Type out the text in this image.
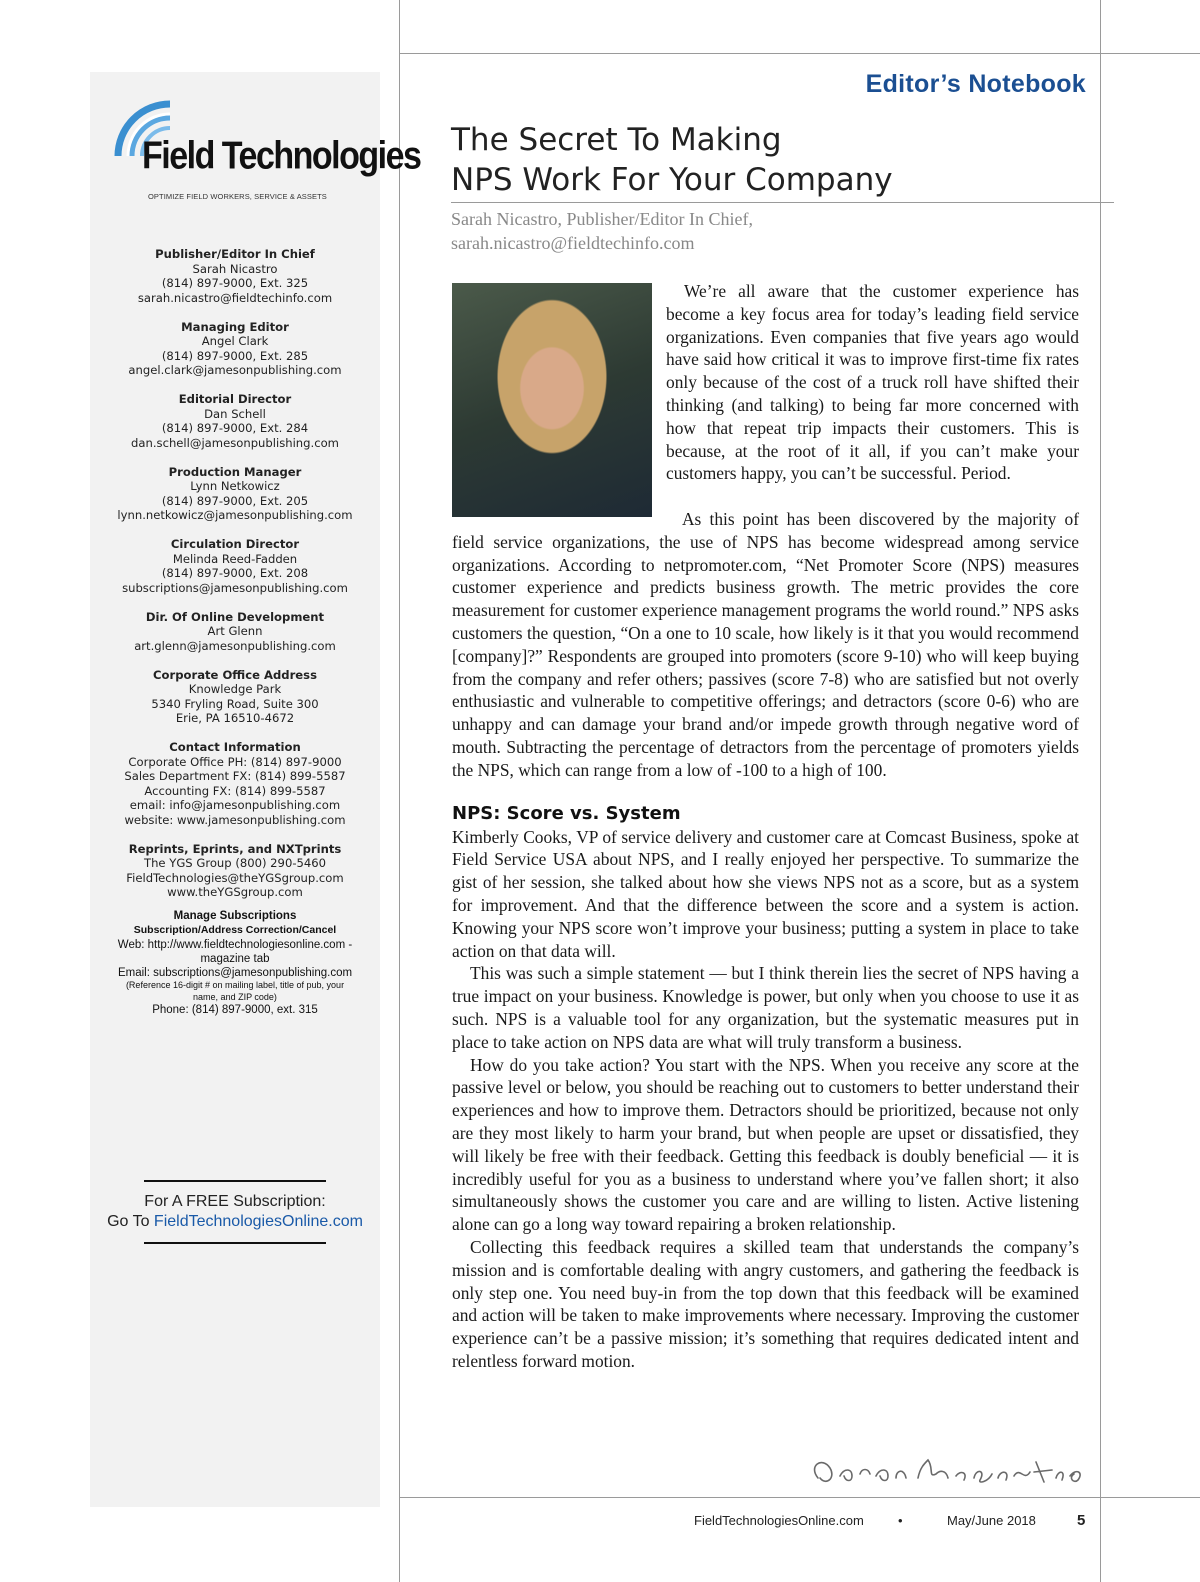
Field Technologies
OPTIMIZE FIELD WORKERS, SERVICE & ASSETS
Publisher/Editor In Chief
Sarah Nicastro
(814) 897-9000, Ext. 325
sarah.nicastro@fieldtechinfo.com
Managing Editor
Angel Clark
(814) 897-9000, Ext. 285
angel.clark@jamesonpublishing.com
Editorial Director
Dan Schell
(814) 897-9000, Ext. 284
dan.schell@jamesonpublishing.com
Production Manager
Lynn Netkowicz
(814) 897-9000, Ext. 205
lynn.netkowicz@jamesonpublishing.com
Circulation Director
Melinda Reed-Fadden
(814) 897-9000, Ext. 208
subscriptions@jamesonpublishing.com
Dir. Of Online Development
Art Glenn
art.glenn@jamesonpublishing.com
Corporate Office Address
Knowledge Park
5340 Fryling Road, Suite 300
Erie, PA 16510-4672
Contact Information
Corporate Office PH: (814) 897-9000
Sales Department FX: (814) 899-5587
Accounting FX: (814) 899-5587
email: info@jamesonpublishing.com
website: www.jamesonpublishing.com
Reprints, Eprints, and NXTprints
The YGS Group (800) 290-5460
FieldTechnologies@theYGSgroup.com
www.theYGSgroup.com
Manage Subscriptions
Subscription/Address Correction/Cancel
Web: http://www.fieldtechnologiesonline.com -
magazine tab
Email: subscriptions@jamesonpublishing.com
(Reference 16-digit # on mailing label, title of pub, your
name, and ZIP code)
Phone: (814) 897-9000, ext. 315
For A FREE Subscription:
Go To FieldTechnologiesOnline.com
Editor’s Notebook
The Secret To Making
NPS Work For Your Company
Sarah Nicastro, Publisher/Editor In Chief,
sarah.nicastro@fieldtechinfo.com

We’re all aware that the customer experience has become a key focus area for today’s leading field service organizations. Even companies that five years ago would have said how critical it was to improve first-time fix rates only because of the cost of a truck roll have shifted their thinking (and talking) to being far more concerned with how that repeat trip impacts their customers. This is because, at the root of it all, if you can’t make your customers happy, you can’t be successful. Period.

As this point has been discovered by the majority of field service organizations, the use of NPS has become widespread among service organizations. According to netpromoter.com, “Net Promoter Score (NPS) measures customer experience and predicts business growth. The metric provides the core measurement for customer experience management programs the world round.” NPS asks customers the question, “On a one to 10 scale, how likely is it that you would recommend [company]?” Respondents are grouped into promoters (score 9-10) who will keep buying from the company and refer others; passives (score 7-8) who are satisfied but not overly enthusiastic and vulnerable to competitive offerings; and detractors (score 0-6) who are unhappy and can damage your brand and/or impede growth through negative word of mouth. Subtracting the percentage of detractors from the percentage of promoters yields the NPS, which can range from a low of -100 to a high of 100.

NPS: Score vs. System

Kimberly Cooks, VP of service delivery and customer care at Comcast Business, spoke at Field Service USA about NPS, and I really enjoyed her perspective. To summarize the gist of her session, she talked about how she views NPS not as a score, but as a system for improvement. And that the difference between the score and a system is action. Knowing your NPS score won’t improve your business; putting a system in place to take action on that data will.

This was such a simple statement — but I think therein lies the secret of NPS having a true impact on your business. Knowledge is power, but only when you choose to use it as such. NPS is a valuable tool for any organization, but the systematic measures put in place to take action on NPS data are what will truly transform a business.

How do you take action? You start with the NPS. When you receive any score at the passive level or below, you should be reaching out to customers to better understand their experiences and how to improve them. Detractors should be prioritized, because not only are they most likely to harm your brand, but when people are upset or dissatisfied, they will likely be free with their feedback. Getting this feedback is doubly beneficial — it is incredibly useful for you as a business to understand where you’ve fallen short; it also simultaneously shows the customer you care and are willing to listen. Active listening alone can go a long way toward repairing a broken relationship.

Collecting this feedback requires a skilled team that understands the company’s mission and is comfortable dealing with angry customers, and gathering the feedback is only step one. You need buy-in from the top down that this feedback will be examined and action will be taken to make improvements where necessary. Improving the customer experience can’t be a passive mission; it’s something that requires dedicated intent and relentless forward motion.

FieldTechnologiesOnline.com	•	May/June 2018	5
